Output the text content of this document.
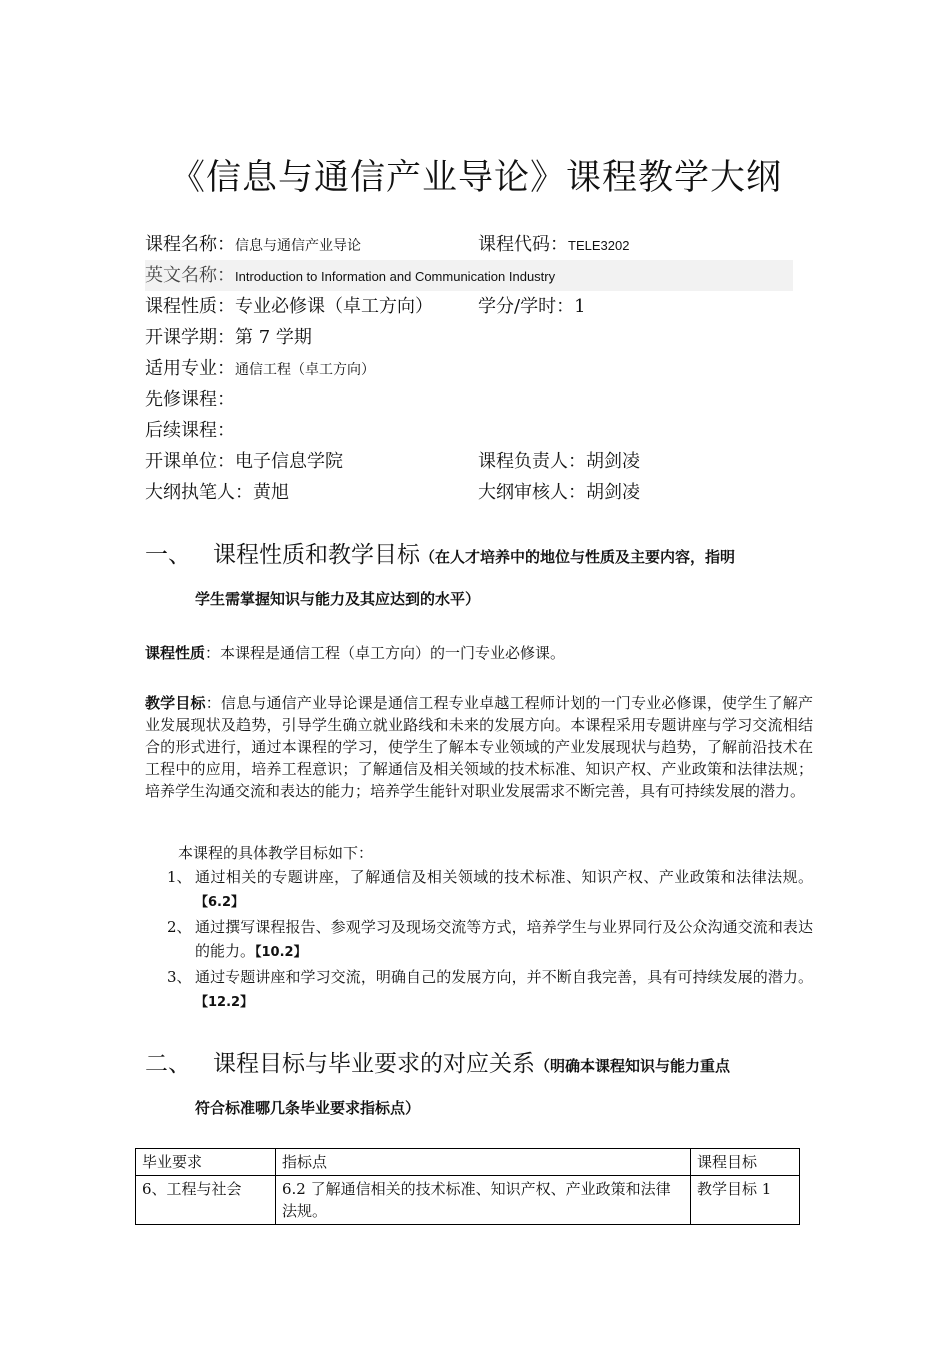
《信息与通信产业导论》课程教学大纲
课程名称：信息与通信产业导论	课程代码：TELE3202
英文名称：Introduction to Information and Communication Industry
课程性质：专业必修课（卓工方向）	学分/学时：1
开课学期：第 7 学期
适用专业：通信工程（卓工方向）
先修课程：
后续课程：
开课单位：电子信息学院	课程负责人：胡剑凌
大纲执笔人：黄旭	大纲审核人：胡剑凌
一、 课程性质和教学目标（在人才培养中的地位与性质及主要内容，指明
学生需掌握知识与能力及其应达到的水平）

课程性质：本课程是通信工程（卓工方向）的一门专业必修课。

教学目标：信息与通信产业导论课是通信工程专业卓越工程师计划的一门专业必修课，使学生了解产业发展现状及趋势，引导学生确立就业路线和未来的发展方向。本课程采用专题讲座与学习交流相结合的形式进行，通过本课程的学习，使学生了解本专业领域的产业发展现状与趋势，了解前沿技术在工程中的应用，培养工程意识；了解通信及相关领域的技术标准、知识产权、产业政策和法律法规；培养学生沟通交流和表达的能力；培养学生能针对职业发展需求不断完善，具有可持续发展的潜力。

本课程的具体教学目标如下：

1、 通过相关的专题讲座，了解通信及相关领域的技术标准、知识产权、产业政策和法律法规。【6.2】
2、 通过撰写课程报告、参观学习及现场交流等方式，培养学生与业界同行及公众沟通交流和表达的能力。【10.2】
3、 通过专题讲座和学习交流，明确自己的发展方向，并不断自我完善，具有可持续发展的潜力。【12.2】
二、 课程目标与毕业要求的对应关系（明确本课程知识与能力重点
符合标准哪几条毕业要求指标点）
毕业要求	指标点	课程目标
6、工程与社会	6.2 了解通信相关的技术标准、知识产权、产业政策和法律法规。	教学目标 1
